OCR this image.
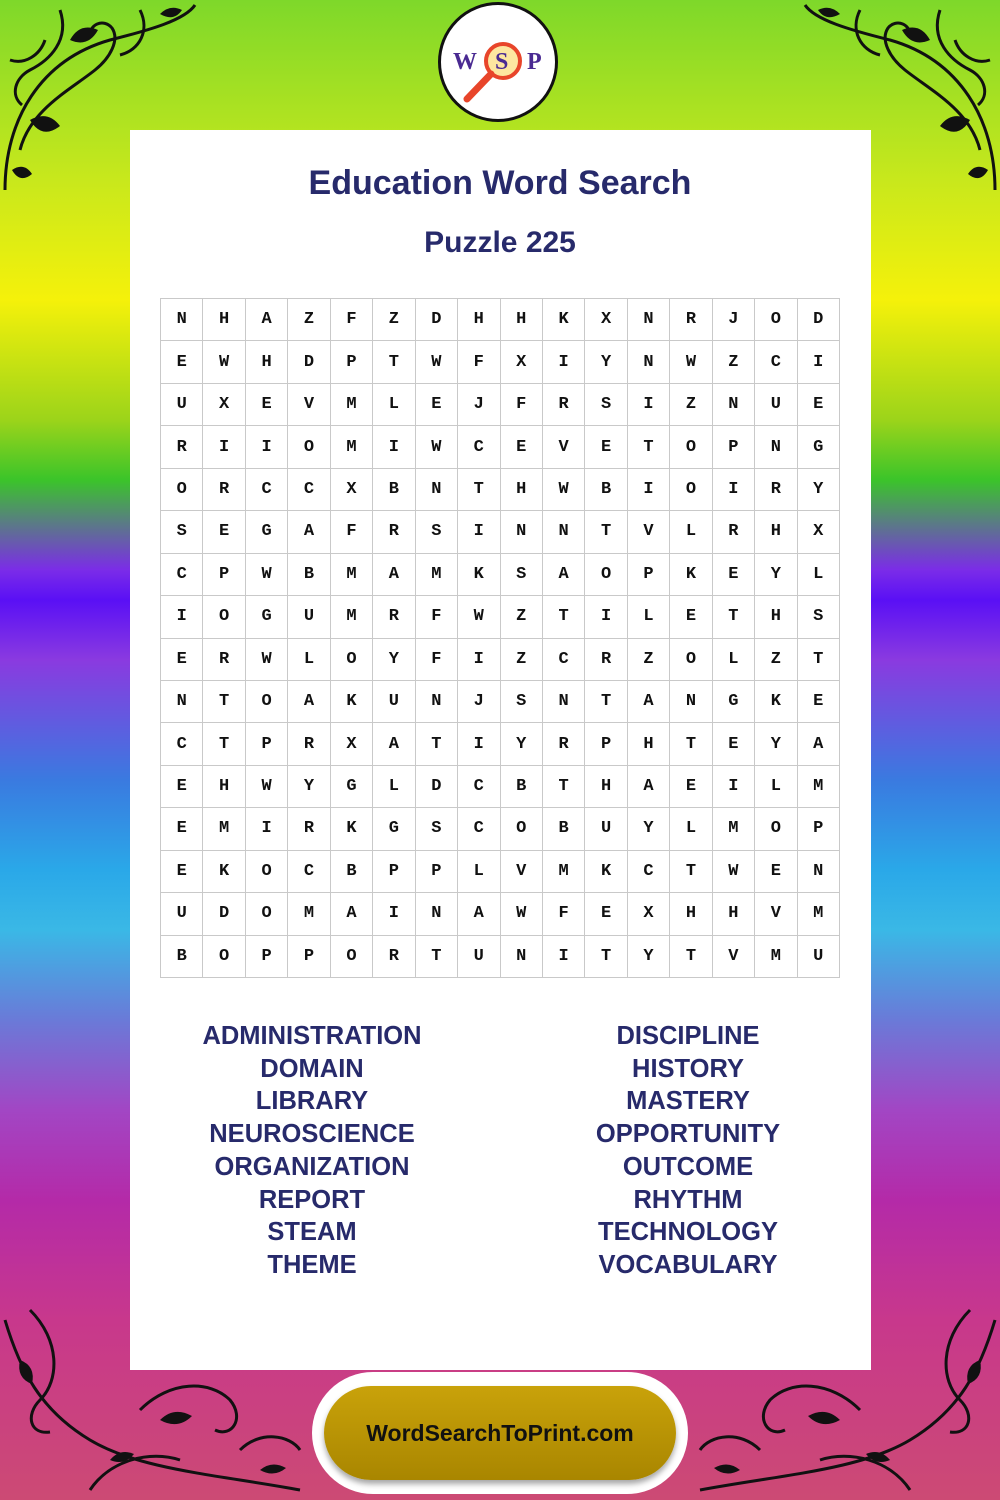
W S P
Education Word Search
Puzzle 225
N	H	A	Z	F	Z	D	H	H	K	X	N	R	J	O	D
E	W	H	D	P	T	W	F	X	I	Y	N	W	Z	C	I
U	X	E	V	M	L	E	J	F	R	S	I	Z	N	U	E
R	I	I	O	M	I	W	C	E	V	E	T	O	P	N	G
O	R	C	C	X	B	N	T	H	W	B	I	O	I	R	Y
S	E	G	A	F	R	S	I	N	N	T	V	L	R	H	X
C	P	W	B	M	A	M	K	S	A	O	P	K	E	Y	L
I	O	G	U	M	R	F	W	Z	T	I	L	E	T	H	S
E	R	W	L	O	Y	F	I	Z	C	R	Z	O	L	Z	T
N	T	O	A	K	U	N	J	S	N	T	A	N	G	K	E
C	T	P	R	X	A	T	I	Y	R	P	H	T	E	Y	A
E	H	W	Y	G	L	D	C	B	T	H	A	E	I	L	M
E	M	I	R	K	G	S	C	O	B	U	Y	L	M	O	P
E	K	O	C	B	P	P	L	V	M	K	C	T	W	E	N
U	D	O	M	A	I	N	A	W	F	E	X	H	H	V	M
B	O	P	P	O	R	T	U	N	I	T	Y	T	V	M	U
ADMINISTRATION
DOMAIN
LIBRARY
NEUROSCIENCE
ORGANIZATION
REPORT
STEAM
THEME
DISCIPLINE
HISTORY
MASTERY
OPPORTUNITY
OUTCOME
RHYTHM
TECHNOLOGY
VOCABULARY
WordSearchToPrint.com
